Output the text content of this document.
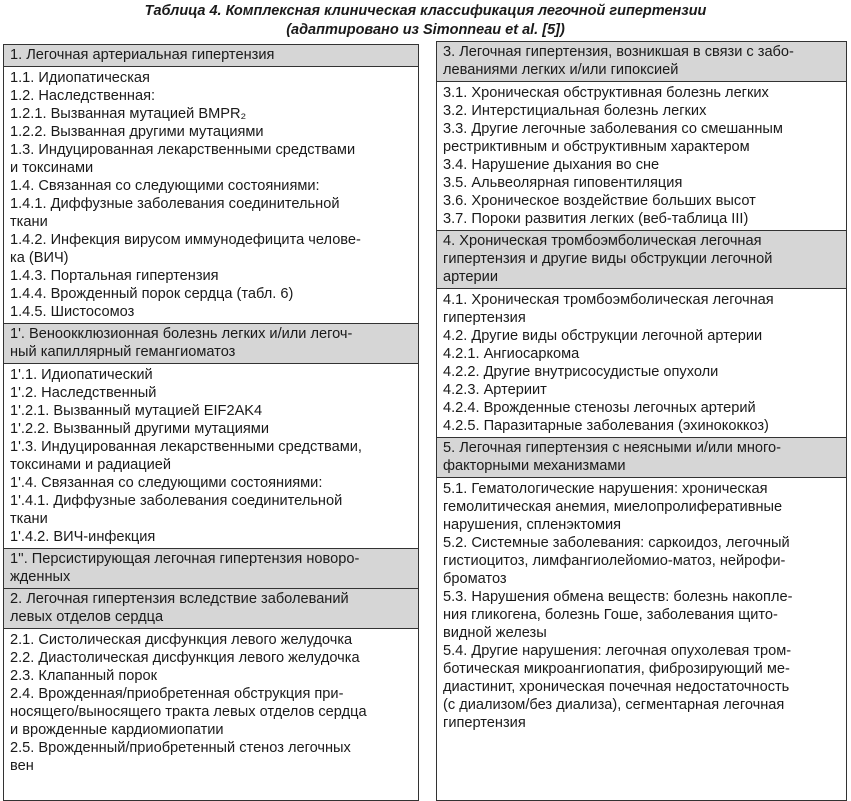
Таблица 4. Комплексная клиническая классификация легочной гипертензии
(адаптировано из Simonneau et al. [5])
1. Легочная артериальная гипертензия
1.1. Идиопатическая
1.2. Наследственная:
1.2.1. Вызванная мутацией BMPR₂
1.2.2. Вызванная другими мутациями
1.3. Индуцированная лекарственными средствами
и токсинами
1.4. Связанная со следующими состояниями:
1.4.1. Диффузные заболевания соединительной
ткани
1.4.2. Инфекция вирусом иммунодефицита челове-
ка (ВИЧ)
1.4.3. Портальная гипертензия
1.4.4. Врожденный порок сердца (табл. 6)
1.4.5. Шистосомоз
1'. Веноокклюзионная болезнь легких и/или легоч-
ный капиллярный гемангиоматоз
1'.1. Идиопатический
1'.2. Наследственный
1'.2.1. Вызванный мутацией EIF2AK4
1'.2.2. Вызванный другими мутациями
1'.3. Индуцированная лекарственными средствами,
токсинами и радиацией
1'.4. Связанная со следующими состояниями:
1'.4.1. Диффузные заболевания соединительной
ткани
1'.4.2. ВИЧ-инфекция
1''. Персистирующая легочная гипертензия новоро-
жденных
2. Легочная гипертензия вследствие заболеваний
левых отделов сердца
2.1. Систолическая дисфункция левого желудочка
2.2. Диастолическая дисфункция левого желудочка
2.3. Клапанный порок
2.4. Врожденная/приобретенная обструкция при-
носящего/выносящего тракта левых отделов сердца
и врожденные кардиомиопатии
2.5. Врожденный/приобретенный стеноз легочных
вен
3. Легочная гипертензия, возникшая в связи с забо-
леваниями легких и/или гипоксией
3.1. Хроническая обструктивная болезнь легких
3.2. Интерстициальная болезнь легких
3.3. Другие легочные заболевания со смешанным
рестриктивным и обструктивным характером
3.4. Нарушение дыхания во сне
3.5. Альвеолярная гиповентиляция
3.6. Хроническое воздействие больших высот
3.7. Пороки развития легких (веб-таблица III)
4. Хроническая тромбоэмболическая легочная
гипертензия и другие виды обструкции легочной
артерии
4.1. Хроническая тромбоэмболическая легочная
гипертензия
4.2. Другие виды обструкции легочной артерии
4.2.1. Ангиосаркома
4.2.2. Другие внутрисосудистые опухоли
4.2.3. Артериит
4.2.4. Врожденные стенозы легочных артерий
4.2.5. Паразитарные заболевания (эхинококкоз)
5. Легочная гипертензия с неясными и/или много-
факторными механизмами
5.1. Гематологические нарушения: хроническая
гемолитическая анемия, миелопролиферативные
нарушения, спленэктомия
5.2. Системные заболевания: саркоидоз, легочный
гистиоцитоз, лимфангиолейомио-матоз, нейрофи-
броматоз
5.3. Нарушения обмена веществ: болезнь накопле-
ния гликогена, болезнь Гоше, заболевания щито-
видной железы
5.4. Другие нарушения: легочная опухолевая тром-
ботическая микроангиопатия, фиброзирующий ме-
диастинит, хроническая почечная недостаточность
(с диализом/без диализа), сегментарная легочная
гипертензия
